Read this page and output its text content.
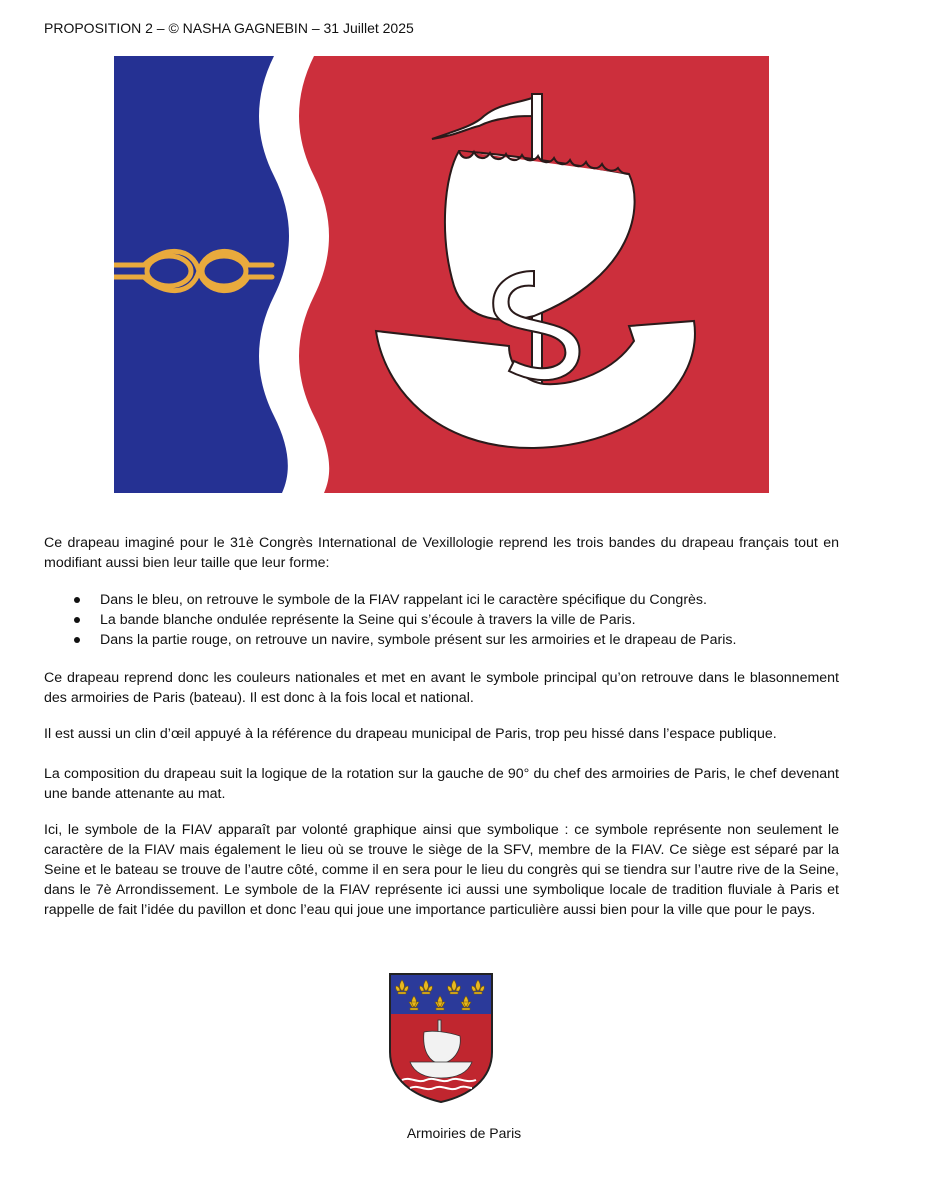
PROPOSITION 2 – © NASHA GAGNEBIN – 31 Juillet 2025
Ce drapeau imaginé pour le 31è Congrès International de Vexillologie reprend les trois bandes du drapeau français tout en modifiant aussi bien leur taille que leur forme:
Dans le bleu, on retrouve le symbole de la FIAV rappelant ici le caractère spécifique du Congrès.
La bande blanche ondulée représente la Seine qui s’écoule à travers la ville de Paris.
Dans la partie rouge, on retrouve un navire, symbole présent sur les armoiries et le drapeau de Paris.
Ce drapeau reprend donc les couleurs nationales et met en avant le symbole principal qu’on retrouve dans le blasonnement des armoiries de Paris (bateau). Il est donc à la fois local et national.
Il est aussi un clin d’œil appuyé à la référence du drapeau municipal de Paris, trop peu hissé dans l’espace publique.
La composition du drapeau suit la logique de la rotation sur la gauche de 90° du chef des armoiries de Paris, le chef devenant une bande attenante au mat.
Ici, le symbole de la FIAV apparaît par volonté graphique ainsi que symbolique : ce symbole représente non seulement le caractère de la FIAV mais également le lieu où se trouve le siège de la SFV, membre de la FIAV. Ce siège est séparé par la Seine et le bateau se trouve de l’autre côté, comme il en sera pour le lieu du congrès qui se tiendra sur l’autre rive de la Seine, dans le 7è Arrondissement. Le symbole de la FIAV représente ici aussi une symbolique locale de tradition fluviale à Paris et rappelle de fait l’idée du pavillon et donc l’eau qui joue une importance particulière aussi bien pour la ville que pour le pays.
Armoiries de Paris
